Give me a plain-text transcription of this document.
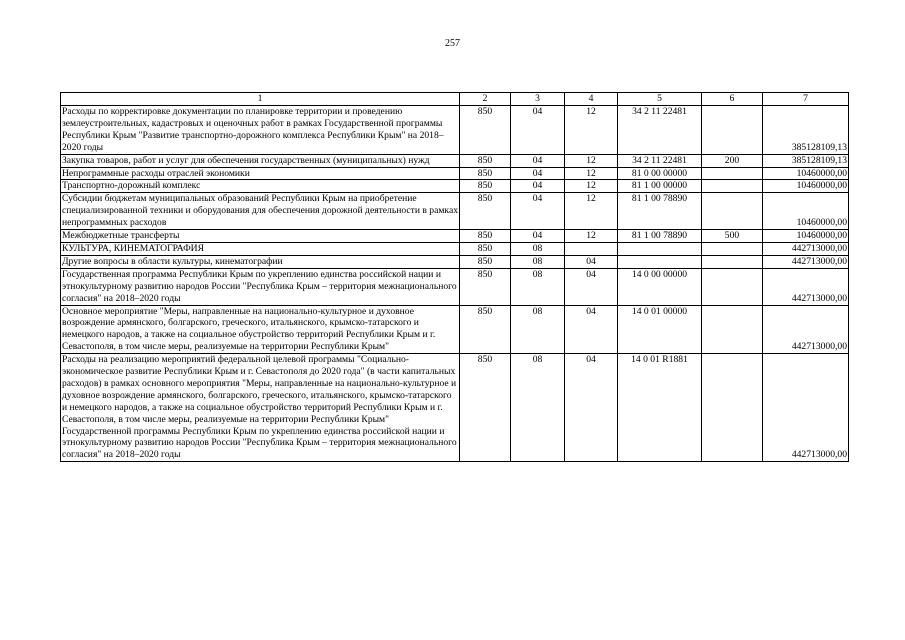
257
1	2	3	4	5	6	7
Расходы по корректировке документации по планировке территории и проведению землеустроительных, кадастровых и оценочных работ в рамках Государственной программы Республики Крым "Развитие транспортно-дорожного комплекса Республики Крым" на 2018–2020 годы	850	04	12	34 2 11 22481		385128109,13
Закупка товаров, работ и услуг для обеспечения государственных (муниципальных) нужд	850	04	12	34 2 11 22481	200	385128109,13
Непрограммные расходы отраслей экономики	850	04	12	81 0 00 00000		10460000,00
Транспортно-дорожный комплекс	850	04	12	81 1 00 00000		10460000,00
Субсидии бюджетам муниципальных образований Республики Крым на приобретение специализированной техники и оборудования для обеспечения дорожной деятельности в рамках непрограммных расходов	850	04	12	81 1 00 78890		10460000,00
Межбюджетные трансферты	850	04	12	81 1 00 78890	500	10460000,00
КУЛЬТУРА, КИНЕМАТОГРАФИЯ	850	08				442713000,00
Другие вопросы в области культуры, кинематографии	850	08	04			442713000,00
Государственная программа Республики Крым по укреплению единства российской нации и этнокультурному развитию народов России "Республика Крым – территория межнационального согласия" на 2018–2020 годы	850	08	04	14 0 00 00000		442713000,00
Основное мероприятие "Меры, направленные на национально-культурное и духовное возрождение армянского, болгарского, греческого, итальянского, крымско-татарского и немецкого народов, а также на социальное обустройство территорий Республики Крым и г. Севастополя, в том числе меры, реализуемые на территории Республики Крым"	850	08	04	14 0 01 00000		442713000,00
Расходы на реализацию мероприятий федеральной целевой программы "Социально-экономическое развитие Республики Крым и г. Севастополя до 2020 года" (в части капитальных расходов) в рамках основного мероприятия "Меры, направленные на национально-культурное и духовное возрождение армянского, болгарского, греческого, итальянского, крымско-татарского и немецкого народов, а также на социальное обустройство территорий Республики Крым и г. Севастополя, в том числе меры, реализуемые на территории Республики Крым" Государственной программы Республики Крым по укреплению единства российской нации и этнокультурному развитию народов России "Республика Крым – территория межнационального согласия" на 2018–2020 годы	850	08	04	14 0 01 R1881		442713000,00
